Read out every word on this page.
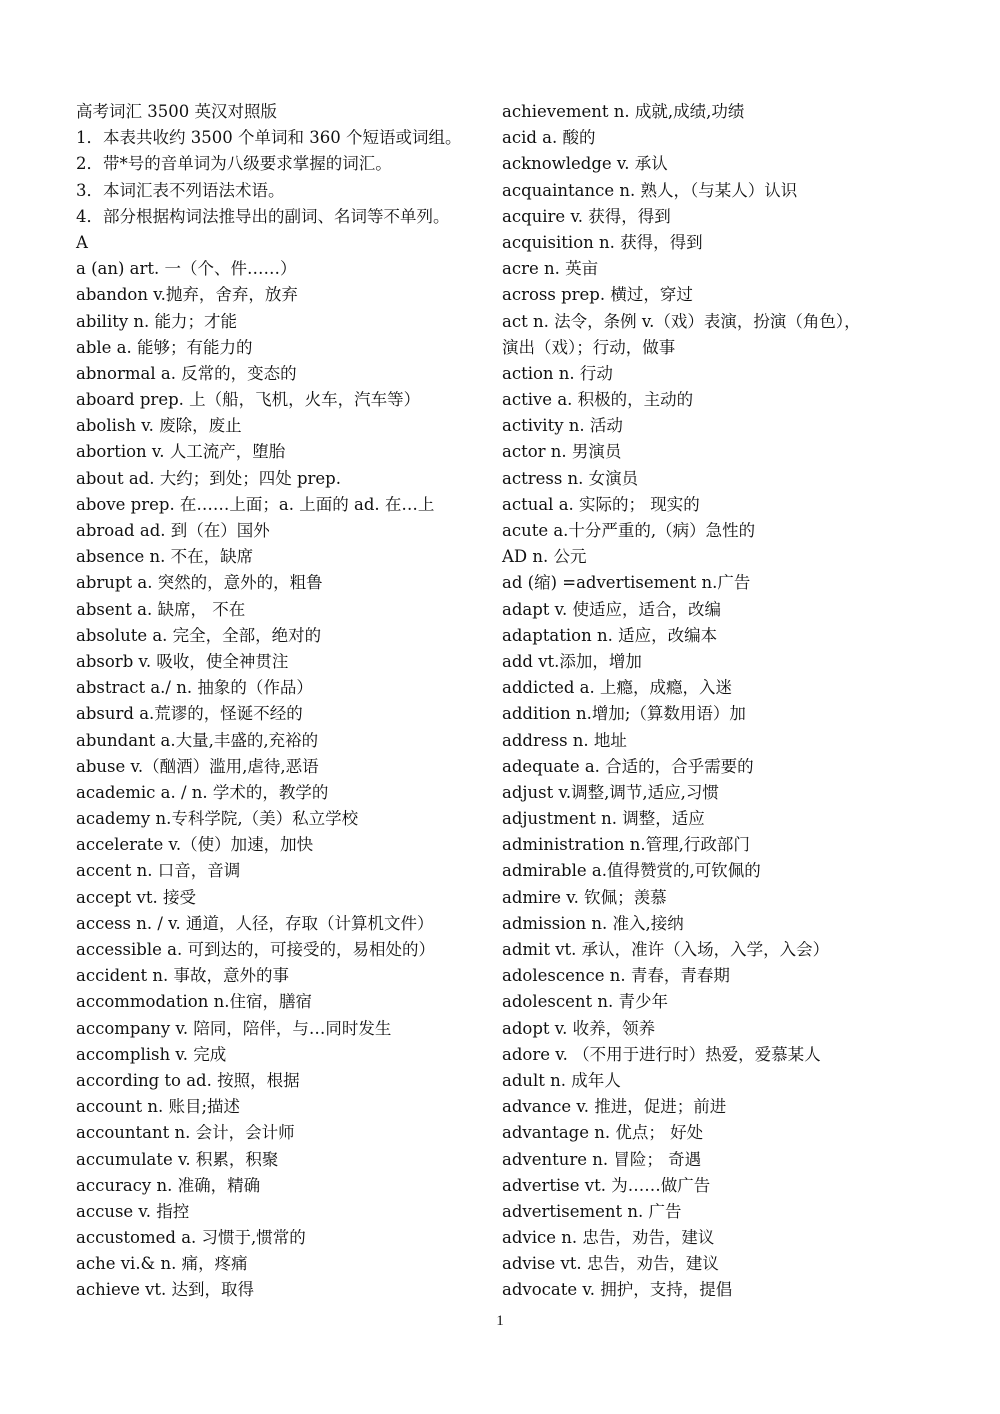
高考词汇 3500 英汉对照版
1．本表共收约 3500 个单词和 360 个短语或词组。
2．带*号的音单词为八级要求掌握的词汇。
3．本词汇表不列语法术语。
4．部分根据构词法推导出的副词、名词等不单列。
A
a (an) art. 一（个、件……）
abandon v.抛弃，舍弃，放弃
ability n. 能力；才能
able a. 能够；有能力的
abnormal a. 反常的，变态的
aboard prep. 上（船，飞机，火车，汽车等）
abolish v. 废除，废止
abortion v. 人工流产，堕胎
about ad. 大约；到处；四处 prep.
above prep. 在……上面；a. 上面的 ad. 在…上
abroad ad. 到（在）国外
absence n. 不在，缺席
abrupt a. 突然的，意外的，粗鲁
absent a. 缺席， 不在
absolute a. 完全，全部，绝对的
absorb v. 吸收，使全神贯注
abstract a./ n. 抽象的（作品）
absurd a.荒谬的，怪诞不经的
abundant a.大量,丰盛的,充裕的
abuse v.（酗酒）滥用,虐待,恶语
academic a. / n. 学术的，教学的
academy n.专科学院,（美）私立学校
accelerate v.（使）加速，加快
accent n. 口音，音调
accept vt. 接受
access n. / v. 通道，人径，存取（计算机文件）
accessible a. 可到达的，可接受的，易相处的）
accident n. 事故，意外的事
accommodation n.住宿，膳宿
accompany v. 陪同，陪伴，与…同时发生
accomplish v. 完成
according to ad. 按照，根据
account n. 账目;描述
accountant n. 会计，会计师
accumulate v. 积累，积聚
accuracy n. 准确，精确
accuse v. 指控
accustomed a. 习惯于,惯常的
ache vi.& n. 痛，疼痛
achieve vt. 达到，取得
achievement n. 成就,成绩,功绩
acid a. 酸的
acknowledge v. 承认
acquaintance n. 熟人，（与某人）认识
acquire v. 获得，得到
acquisition n. 获得，得到
acre n. 英亩
across prep. 横过，穿过
act n. 法令，条例 v.（戏）表演，扮演（角色），
演出（戏）；行动，做事
action n. 行动
active a. 积极的，主动的
activity n. 活动
actor n. 男演员
actress n. 女演员
actual a. 实际的； 现实的
acute a.十分严重的,（病）急性的
AD n. 公元
ad (缩) =advertisement n.广告
adapt v. 使适应，适合，改编
adaptation n. 适应，改编本
add vt.添加，增加
addicted a. 上瘾，成瘾，入迷
addition n.增加;（算数用语）加
address n. 地址
adequate a. 合适的，合乎需要的
adjust v.调整,调节,适应,习惯
adjustment n. 调整，适应
administration n.管理,行政部门
admirable a.值得赞赏的,可钦佩的
admire v. 钦佩；羡慕
admission n. 准入,接纳
admit vt. 承认，准许（入场，入学，入会）
adolescence n. 青春，青春期
adolescent n. 青少年
adopt v. 收养，领养
adore v. （不用于进行时）热爱，爱慕某人
adult n. 成年人
advance v. 推进，促进；前进
advantage n. 优点； 好处
adventure n. 冒险； 奇遇
advertise vt. 为……做广告
advertisement n. 广告
advice n. 忠告，劝告，建议
advise vt. 忠告，劝告，建议
advocate v. 拥护，支持，提倡
1
